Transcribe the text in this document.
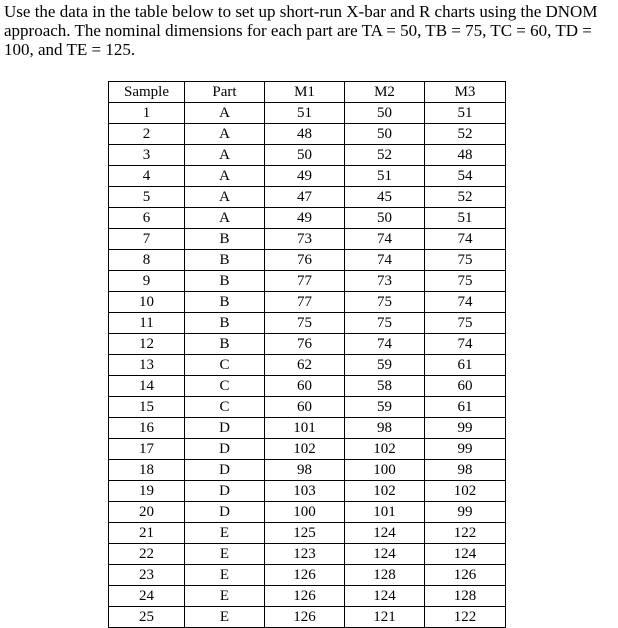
Use the data in the table below to set up short-run X-bar and R charts using the DNOM approach. The nominal dimensions for each part are TA = 50, TB = 75, TC = 60, TD = 100, and TE = 125.

Sample	Part	M1	M2	M3
1	A	51	50	51
2	A	48	50	52
3	A	50	52	48
4	A	49	51	54
5	A	47	45	52
6	A	49	50	51
7	B	73	74	74
8	B	76	74	75
9	B	77	73	75
10	B	77	75	74
11	B	75	75	75
12	B	76	74	74
13	C	62	59	61
14	C	60	58	60
15	C	60	59	61
16	D	101	98	99
17	D	102	102	99
18	D	98	100	98
19	D	103	102	102
20	D	100	101	99
21	E	125	124	122
22	E	123	124	124
23	E	126	128	126
24	E	126	124	128
25	E	126	121	122
